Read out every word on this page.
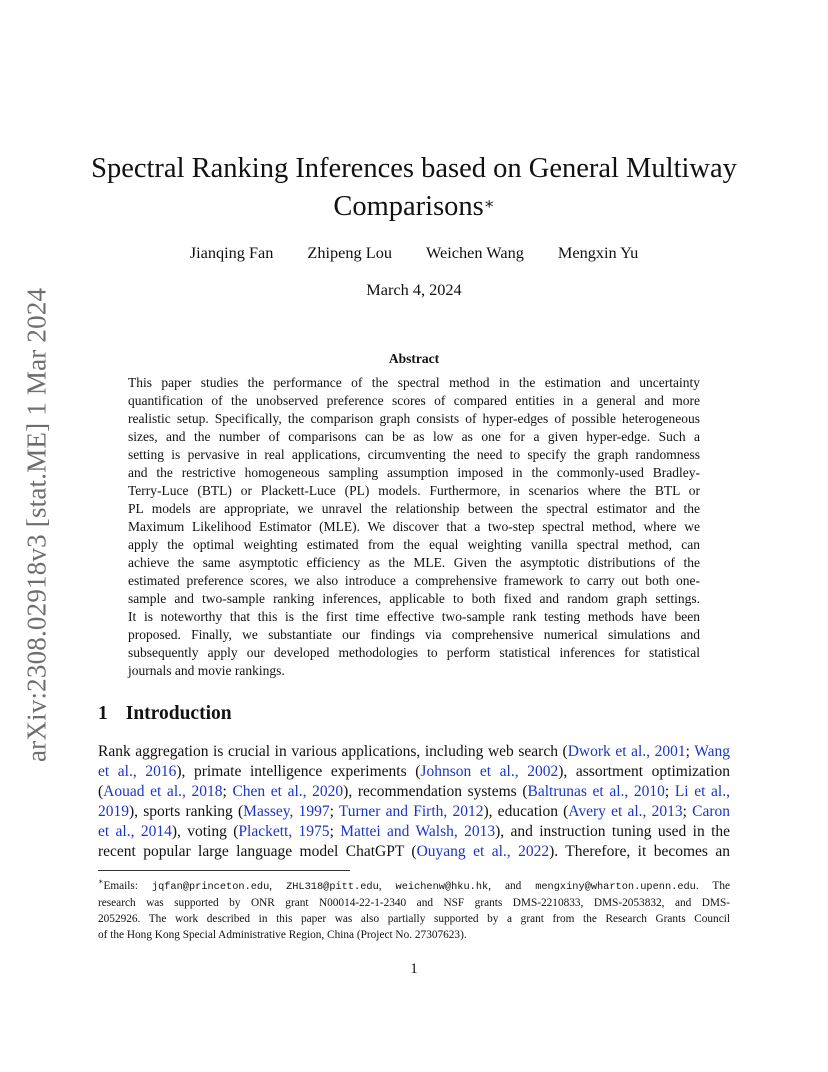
arXiv:2308.02918v3 [stat.ME] 1 Mar 2024
Spectral Ranking Inferences based on General Multiway
Comparisons∗
Jianqing Fan Zhipeng Lou Weichen Wang Mengxin Yu
March 4, 2024
Abstract
This paper studies the performance of the spectral method in the estimation and uncertainty
quantification of the unobserved preference scores of compared entities in a general and more
realistic setup. Specifically, the comparison graph consists of hyper-edges of possible heterogeneous
sizes, and the number of comparisons can be as low as one for a given hyper-edge. Such a
setting is pervasive in real applications, circumventing the need to specify the graph randomness
and the restrictive homogeneous sampling assumption imposed in the commonly-used Bradley-
Terry-Luce (BTL) or Plackett-Luce (PL) models. Furthermore, in scenarios where the BTL or
PL models are appropriate, we unravel the relationship between the spectral estimator and the
Maximum Likelihood Estimator (MLE). We discover that a two-step spectral method, where we
apply the optimal weighting estimated from the equal weighting vanilla spectral method, can
achieve the same asymptotic efficiency as the MLE. Given the asymptotic distributions of the
estimated preference scores, we also introduce a comprehensive framework to carry out both one-
sample and two-sample ranking inferences, applicable to both fixed and random graph settings.
It is noteworthy that this is the first time effective two-sample rank testing methods have been
proposed. Finally, we substantiate our findings via comprehensive numerical simulations and
subsequently apply our developed methodologies to perform statistical inferences for statistical
journals and movie rankings.
1 Introduction
Rank aggregation is crucial in various applications, including web search (Dwork et al., 2001; Wang
et al., 2016), primate intelligence experiments (Johnson et al., 2002), assortment optimization
(Aouad et al., 2018; Chen et al., 2020), recommendation systems (Baltrunas et al., 2010; Li et al.,
2019), sports ranking (Massey, 1997; Turner and Firth, 2012), education (Avery et al., 2013; Caron
et al., 2014), voting (Plackett, 1975; Mattei and Walsh, 2013), and instruction tuning used in the
recent popular large language model ChatGPT (Ouyang et al., 2022). Therefore, it becomes an
∗Emails: jqfan@princeton.edu, ZHL318@pitt.edu, weichenw@hku.hk, and mengxiny@wharton.upenn.edu. The
research was supported by ONR grant N00014-22-1-2340 and NSF grants DMS-2210833, DMS-2053832, and DMS-
2052926. The work described in this paper was also partially supported by a grant from the Research Grants Council
of the Hong Kong Special Administrative Region, China (Project No. 27307623).
1
